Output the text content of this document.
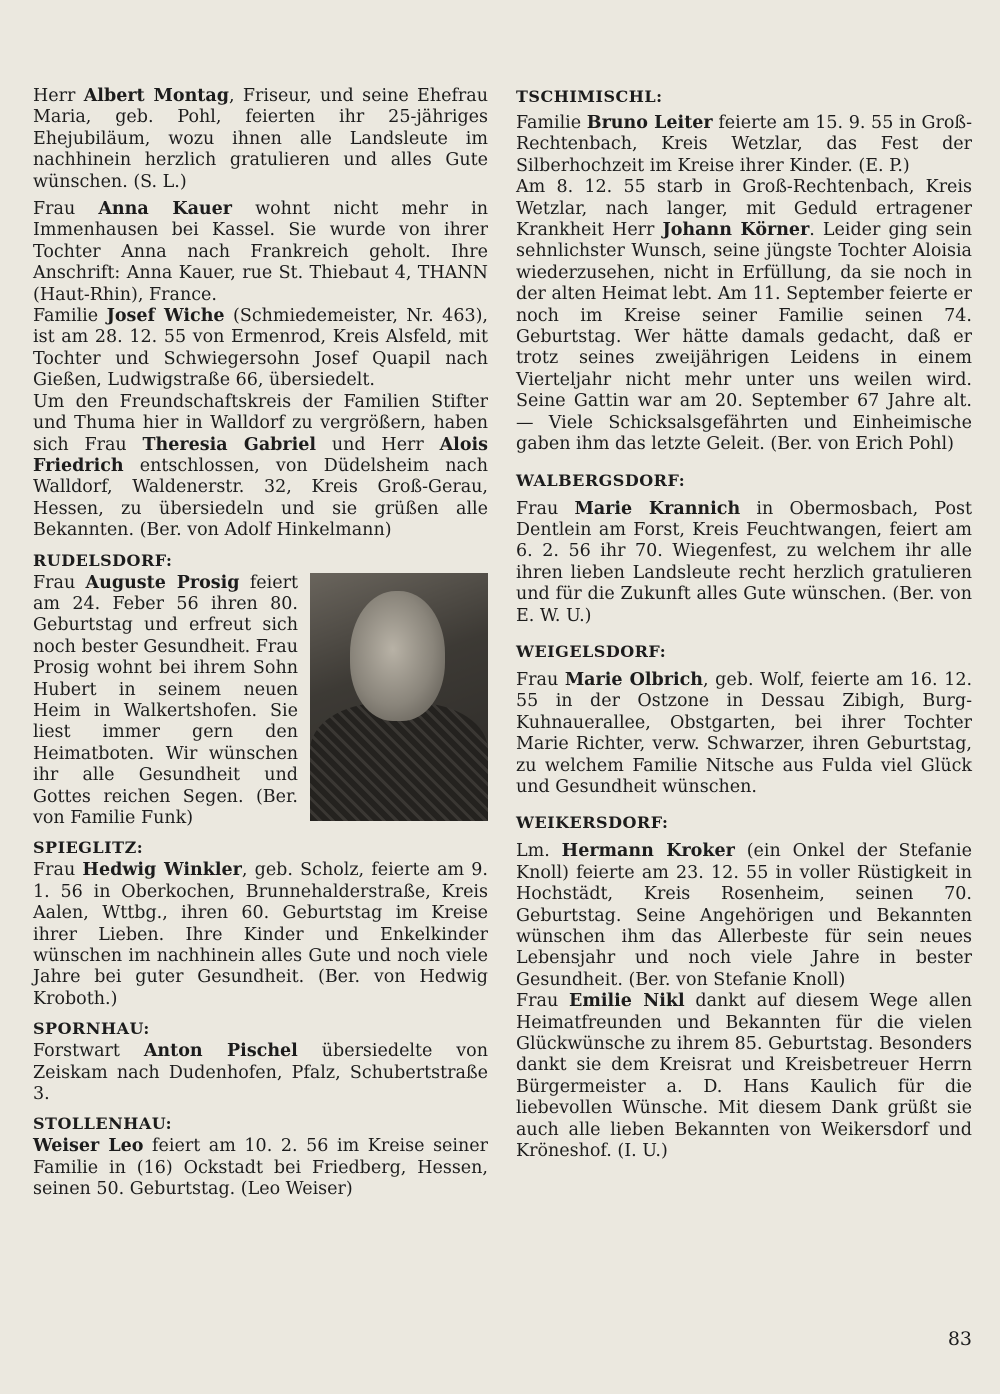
Herr Albert Montag, Friseur, und seine Ehefrau Maria, geb. Pohl, feierten ihr 25-jähriges Ehejubiläum, wozu ihnen alle Landsleute im nachhinein herzlich gratulieren und alles Gute wünschen. (S. L.)

Frau Anna Kauer wohnt nicht mehr in Immenhausen bei Kassel. Sie wurde von ihrer Tochter Anna nach Frankreich geholt. Ihre Anschrift: Anna Kauer, rue St. Thiebaut 4, THANN (Haut-Rhin), France.

Familie Josef Wiche (Schmiedemeister, Nr. 463), ist am 28. 12. 55 von Ermenrod, Kreis Alsfeld, mit Tochter und Schwiegersohn Josef Quapil nach Gießen, Ludwigstraße 66, übersiedelt.

Um den Freundschaftskreis der Familien Stifter und Thuma hier in Walldorf zu vergrößern, haben sich Frau Theresia Gabriel und Herr Alois Friedrich entschlossen, von Düdelsheim nach Walldorf, Waldenerstr. 32, Kreis Groß-Gerau, Hessen, zu übersiedeln und sie grüßen alle Bekannten. (Ber. von Adolf Hinkelmann)

RUDELSDORF:

Frau Auguste Prosig feiert am 24. Feber 56 ihren 80. Geburtstag und erfreut sich noch bester Gesundheit. Frau Prosig wohnt bei ihrem Sohn Hubert in seinem neuen Heim in Walkertshofen. Sie liest immer gern den Heimatboten. Wir wünschen ihr alle Gesundheit und Gottes reichen Segen. (Ber. von Familie Funk)

SPIEGLITZ:

Frau Hedwig Winkler, geb. Scholz, feierte am 9. 1. 56 in Oberkochen, Brunnehalderstraße, Kreis Aalen, Wttbg., ihren 60. Geburtstag im Kreise ihrer Lieben. Ihre Kinder und Enkelkinder wünschen im nachhinein alles Gute und noch viele Jahre bei guter Gesundheit. (Ber. von Hedwig Kroboth.)

SPORNHAU:

Forstwart Anton Pischel übersiedelte von Zeiskam nach Dudenhofen, Pfalz, Schubertstraße 3.

STOLLENHAU:

Weiser Leo feiert am 10. 2. 56 im Kreise seiner Familie in (16) Ockstadt bei Friedberg, Hessen, seinen 50. Geburtstag. (Leo Weiser)

TSCHIMISCHL:

Familie Bruno Leiter feierte am 15. 9. 55 in Groß-Rechtenbach, Kreis Wetzlar, das Fest der Silberhochzeit im Kreise ihrer Kinder. (E. P.)

Am 8. 12. 55 starb in Groß-Rechtenbach, Kreis Wetzlar, nach langer, mit Geduld ertragener Krankheit Herr Johann Körner. Leider ging sein sehnlichster Wunsch, seine jüngste Tochter Aloisia wiederzusehen, nicht in Erfüllung, da sie noch in der alten Heimat lebt. Am 11. September feierte er noch im Kreise seiner Familie seinen 74. Geburtstag. Wer hätte damals gedacht, daß er trotz seines zweijährigen Leidens in einem Vierteljahr nicht mehr unter uns weilen wird. Seine Gattin war am 20. September 67 Jahre alt. — Viele Schicksalsgefährten und Einheimische gaben ihm das letzte Geleit. (Ber. von Erich Pohl)

WALBERGSDORF:

Frau Marie Krannich in Obermosbach, Post Dentlein am Forst, Kreis Feuchtwangen, feiert am 6. 2. 56 ihr 70. Wiegenfest, zu welchem ihr alle ihren lieben Landsleute recht herzlich gratulieren und für die Zukunft alles Gute wünschen. (Ber. von E. W. U.)

WEIGELSDORF:

Frau Marie Olbrich, geb. Wolf, feierte am 16. 12. 55 in der Ostzone in Dessau Zibigh, Burg-Kuhnauerallee, Obstgarten, bei ihrer Tochter Marie Richter, verw. Schwarzer, ihren Geburtstag, zu welchem Familie Nitsche aus Fulda viel Glück und Gesundheit wünschen.

WEIKERSDORF:

Lm. Hermann Kroker (ein Onkel der Stefanie Knoll) feierte am 23. 12. 55 in voller Rüstigkeit in Hochstädt, Kreis Rosenheim, seinen 70. Geburtstag. Seine Angehörigen und Bekannten wünschen ihm das Allerbeste für sein neues Lebensjahr und noch viele Jahre in bester Gesundheit. (Ber. von Stefanie Knoll)

Frau Emilie Nikl dankt auf diesem Wege allen Heimatfreunden und Bekannten für die vielen Glückwünsche zu ihrem 85. Geburtstag. Besonders dankt sie dem Kreisrat und Kreisbetreuer Herrn Bürgermeister a. D. Hans Kaulich für die liebevollen Wünsche. Mit diesem Dank grüßt sie auch alle lieben Bekannten von Weikersdorf und Kröneshof. (I. U.)

83
